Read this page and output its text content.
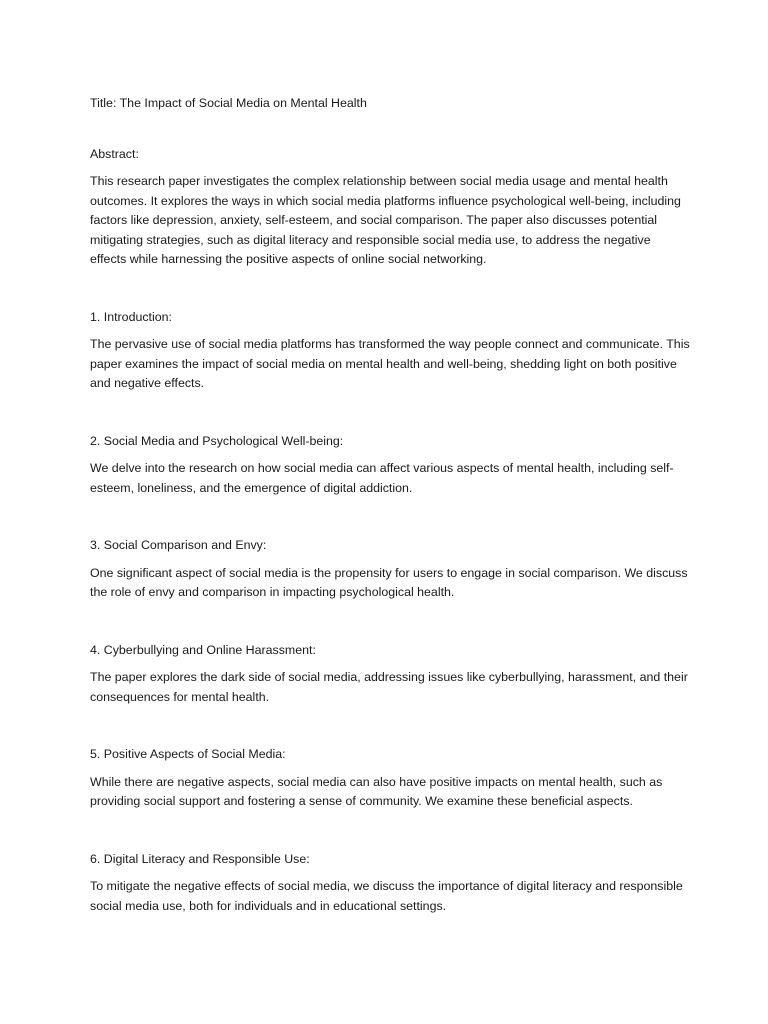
Title: The Impact of Social Media on Mental Health

Abstract:

This research paper investigates the complex relationship between social media usage and mental health outcomes. It explores the ways in which social media platforms influence psychological well-being, including factors like depression, anxiety, self-esteem, and social comparison. The paper also discusses potential mitigating strategies, such as digital literacy and responsible social media use, to address the negative effects while harnessing the positive aspects of online social networking.

1. Introduction:

The pervasive use of social media platforms has transformed the way people connect and communicate. This paper examines the impact of social media on mental health and well-being, shedding light on both positive and negative effects.

2. Social Media and Psychological Well-being:

We delve into the research on how social media can affect various aspects of mental health, including self-esteem, loneliness, and the emergence of digital addiction.

3. Social Comparison and Envy:

One significant aspect of social media is the propensity for users to engage in social comparison. We discuss the role of envy and comparison in impacting psychological health.

4. Cyberbullying and Online Harassment:

The paper explores the dark side of social media, addressing issues like cyberbullying, harassment, and their consequences for mental health.

5. Positive Aspects of Social Media:

While there are negative aspects, social media can also have positive impacts on mental health, such as providing social support and fostering a sense of community. We examine these beneficial aspects.

6. Digital Literacy and Responsible Use:

To mitigate the negative effects of social media, we discuss the importance of digital literacy and responsible social media use, both for individuals and in educational settings.
